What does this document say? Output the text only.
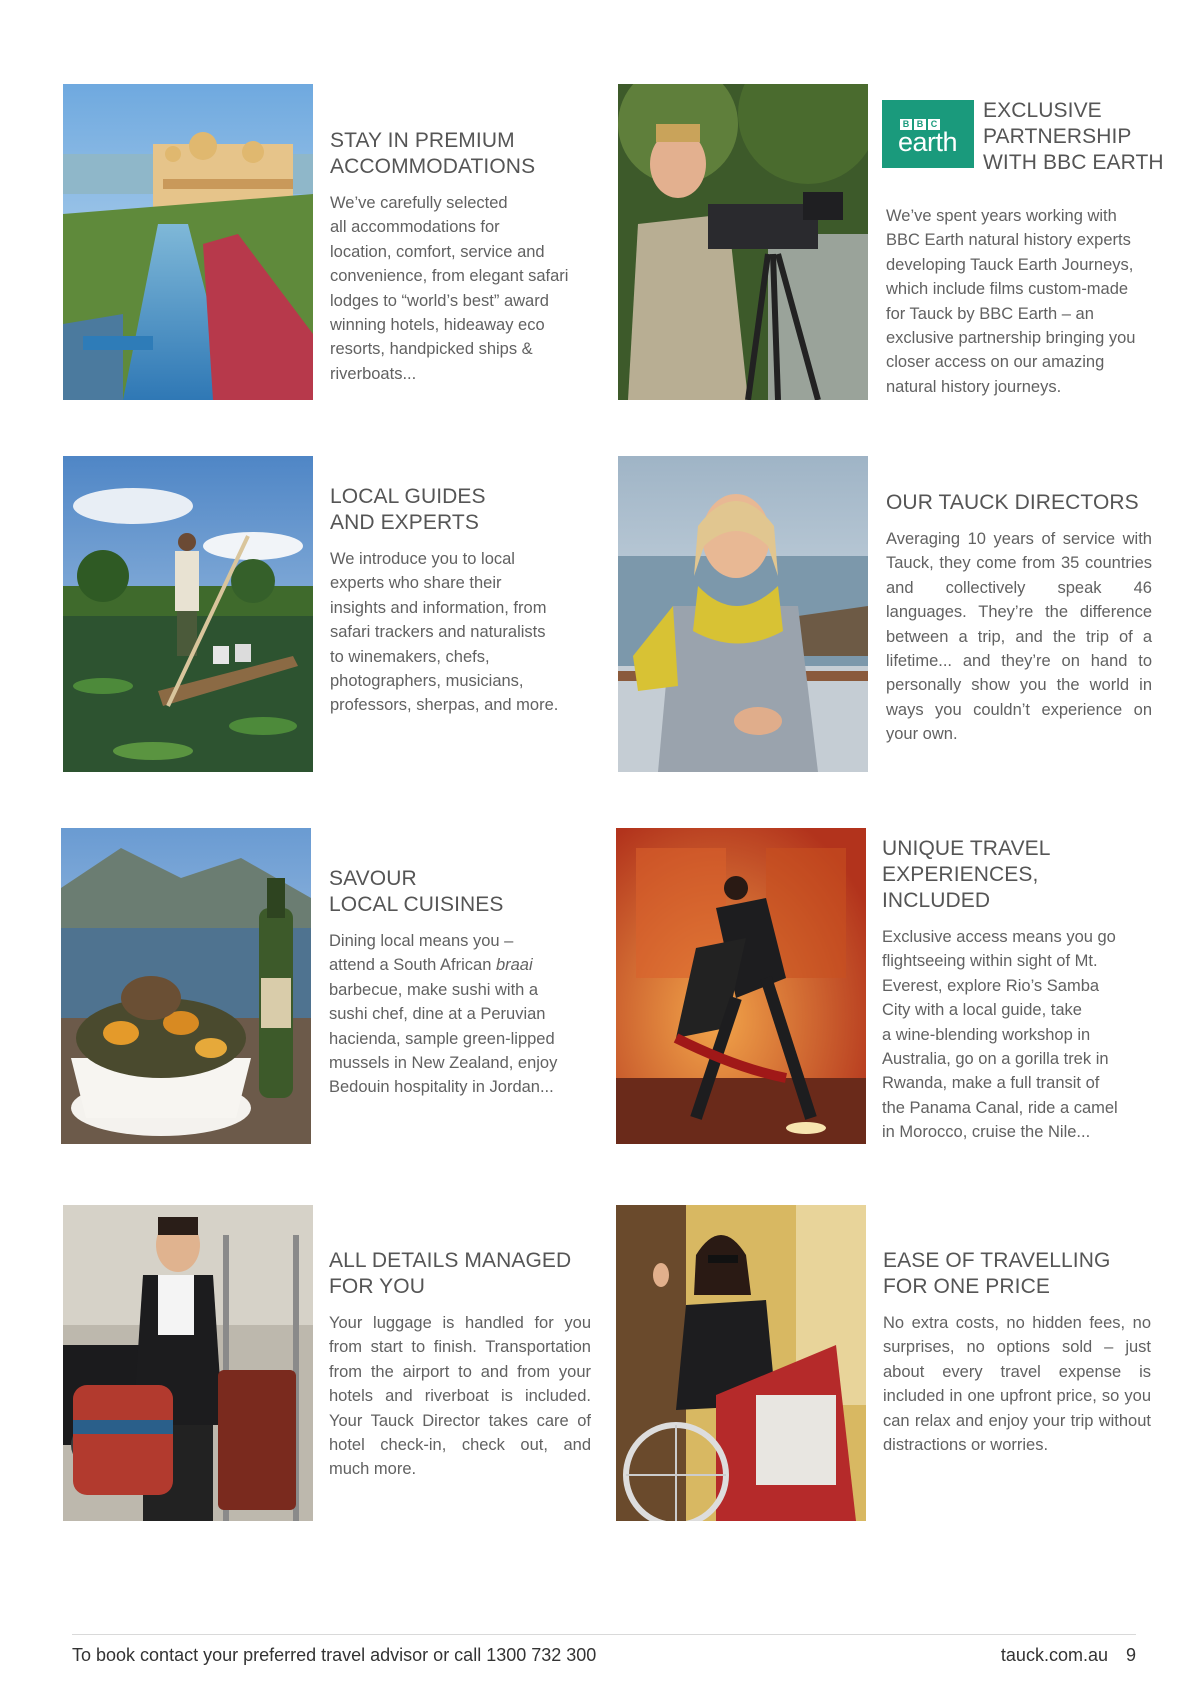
STAY IN PREMIUM
ACCOMMODATIONS

We’ve carefully selected
all accommodations for
location, comfort, service and
convenience, from elegant safari
lodges to “world’s best” award
winning hotels, hideaway eco
resorts, handpicked ships &
riverboats...

B B C
earth
EXCLUSIVE
PARTNERSHIP
WITH BBC EARTH

We’ve spent years working with
BBC Earth natural history experts
developing Tauck Earth Journeys,
which include films custom-made
for Tauck by BBC Earth – an
exclusive partnership bringing you
closer access on our amazing
natural history journeys.

LOCAL GUIDES
AND EXPERTS

We introduce you to local
experts who share their
insights and information, from
safari trackers and naturalists
to winemakers, chefs,
photographers, musicians,
professors, sherpas, and more.

OUR TAUCK DIRECTORS

Averaging 10 years of service with Tauck, they come from 35 countries and collectively speak 46 languages. They’re the difference between a trip, and the trip of a lifetime... and they’re on hand to personally show you the world in ways you couldn’t experience on your own.

SAVOUR
LOCAL CUISINES

Dining local means you –
attend a South African braai
barbecue, make sushi with a
sushi chef, dine at a Peruvian
hacienda, sample green-lipped
mussels in New Zealand, enjoy
Bedouin hospitality in Jordan...

UNIQUE TRAVEL
EXPERIENCES,
INCLUDED

Exclusive access means you go
flightseeing within sight of Mt.
Everest, explore Rio’s Samba
City with a local guide, take
a wine-blending workshop in
Australia, go on a gorilla trek in
Rwanda, make a full transit of
the Panama Canal, ride a camel
in Morocco, cruise the Nile...

ALL DETAILS MANAGED
FOR YOU

Your luggage is handled for you from start to finish. Transportation from the airport to and from your hotels and riverboat is included. Your Tauck Director takes care of hotel check-in, check out, and much more.

EASE OF TRAVELLING
FOR ONE PRICE

No extra costs, no hidden fees, no surprises, no options sold – just about every travel expense is included in one upfront price, so you can relax and enjoy your trip without distractions or worries.

To book contact your preferred travel advisor or call 1300 732 300	tauck.com.au 9
